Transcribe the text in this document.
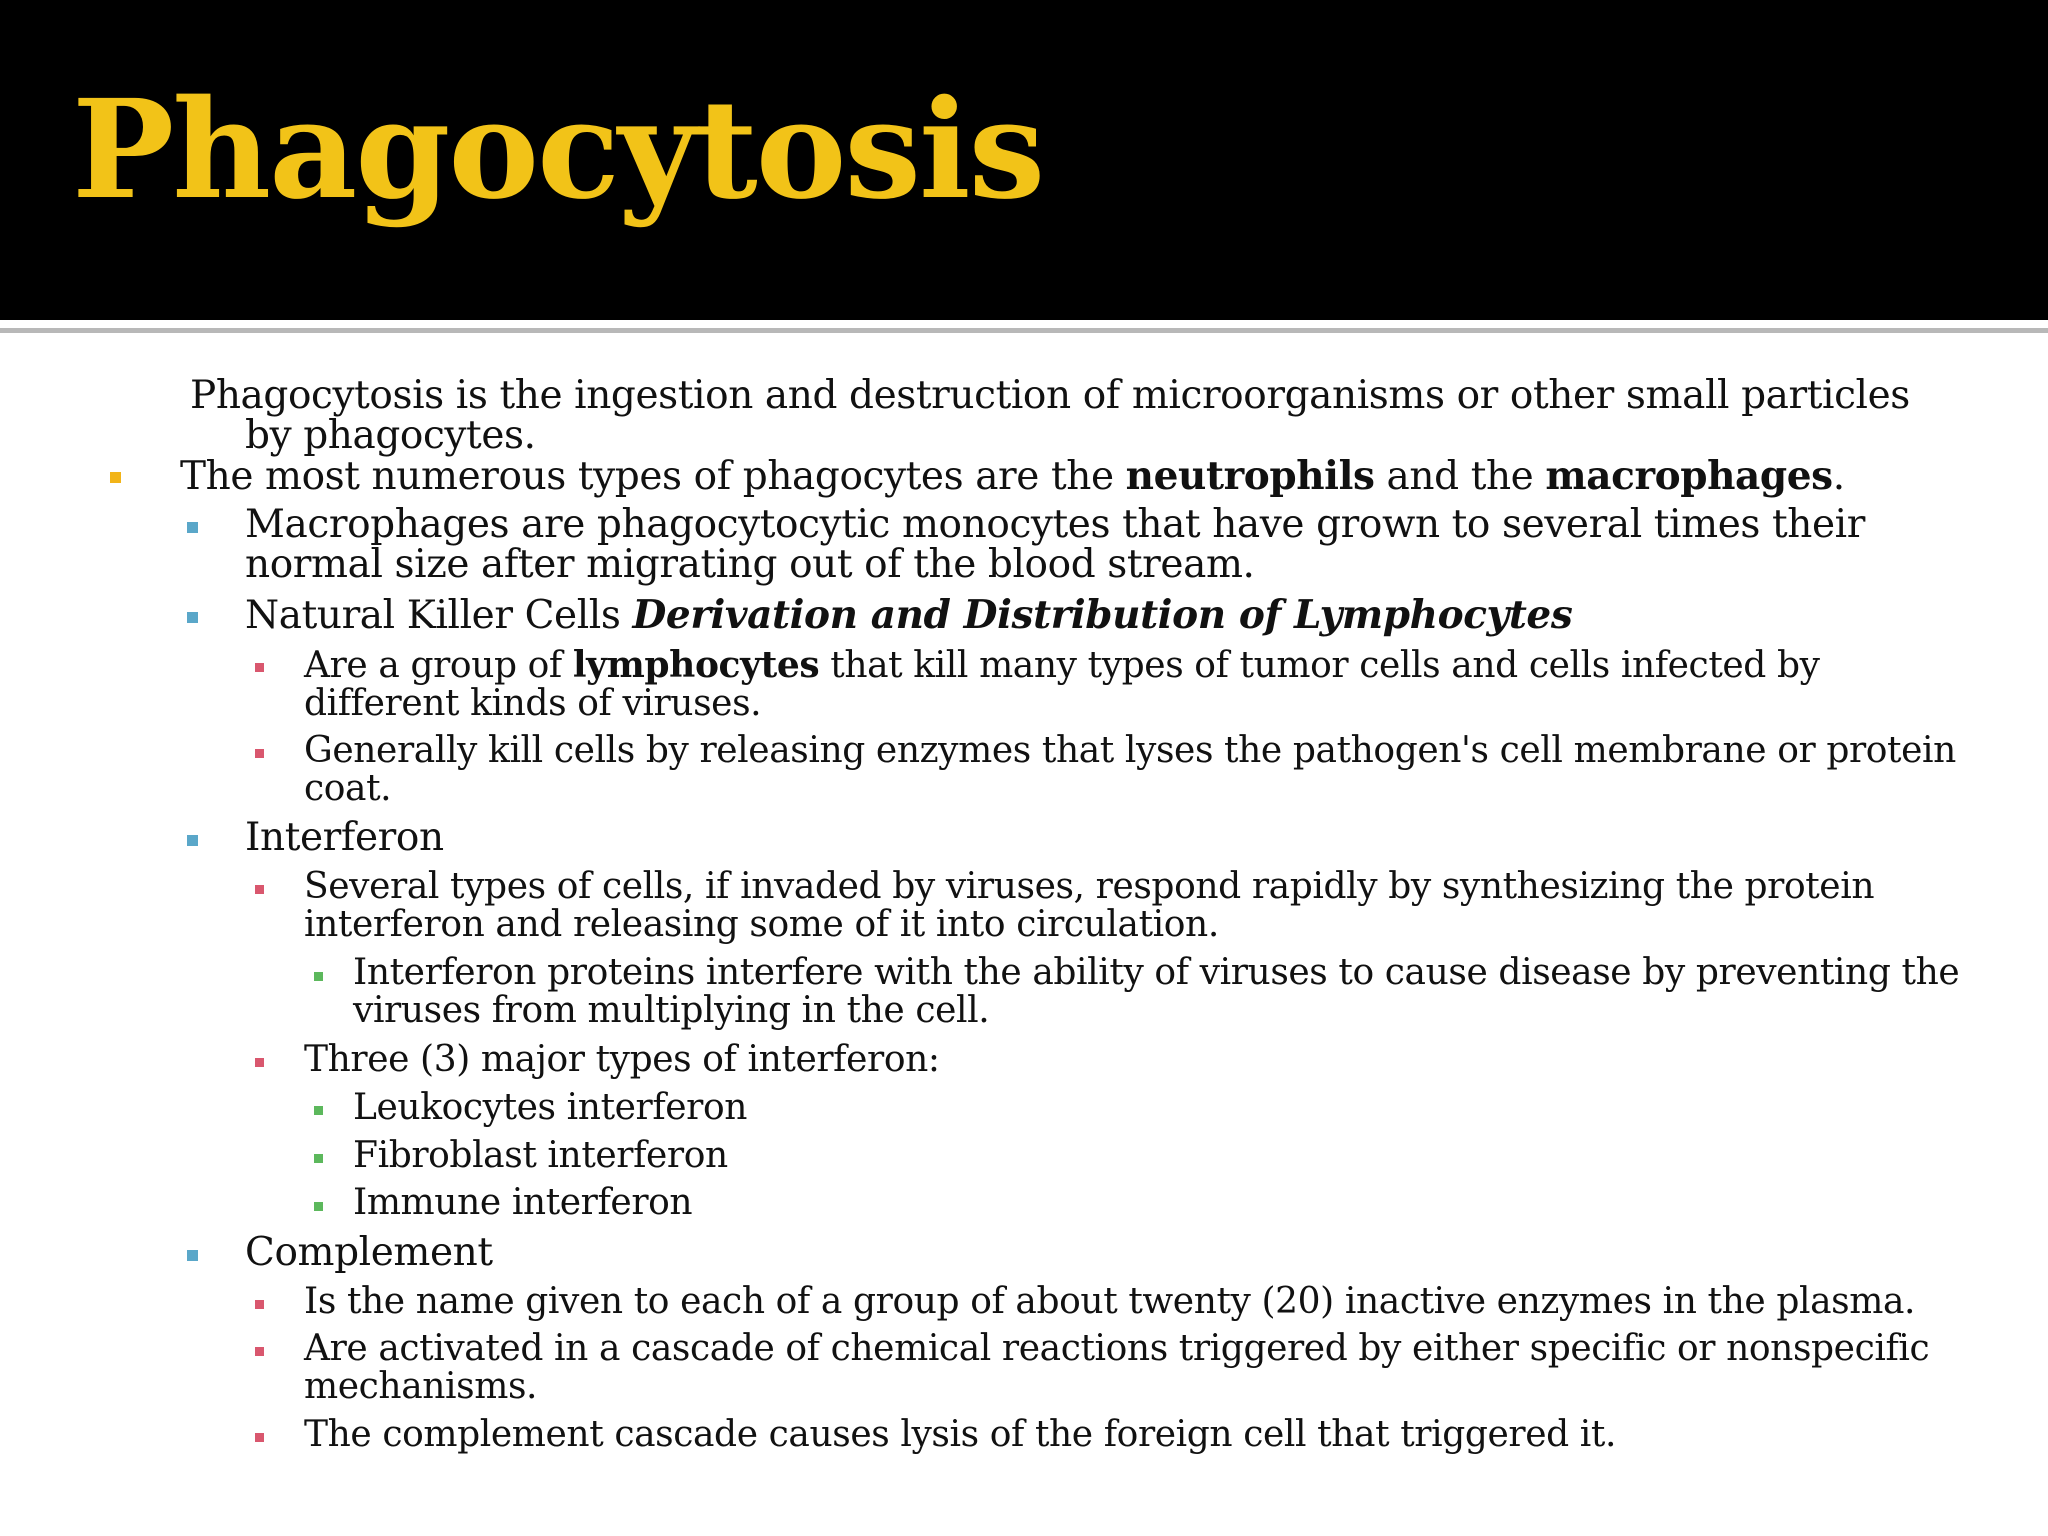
Phagocytosis

Phagocytosis is the ingestion and destruction of microorganisms or other small particles by phagocytes.

The most numerous types of phagocytes are the neutrophils and the macrophages.

Macrophages are phagocytocytic monocytes that have grown to several times their normal size after migrating out of the blood stream.

Natural Killer Cells Derivation and Distribution of Lymphocytes

Are a group of lymphocytes that kill many types of tumor cells and cells infected by different kinds of viruses.

Generally kill cells by releasing enzymes that lyses the pathogen's cell membrane or protein coat.

Interferon

Several types of cells, if invaded by viruses, respond rapidly by synthesizing the protein interferon and releasing some of it into circulation.

Interferon proteins interfere with the ability of viruses to cause disease by preventing the viruses from multiplying in the cell.

Three (3) major types of interferon:

Leukocytes interferon

Fibroblast interferon

Immune interferon

Complement

Is the name given to each of a group of about twenty (20) inactive enzymes in the plasma.

Are activated in a cascade of chemical reactions triggered by either specific or nonspecific mechanisms.

The complement cascade causes lysis of the foreign cell that triggered it.
